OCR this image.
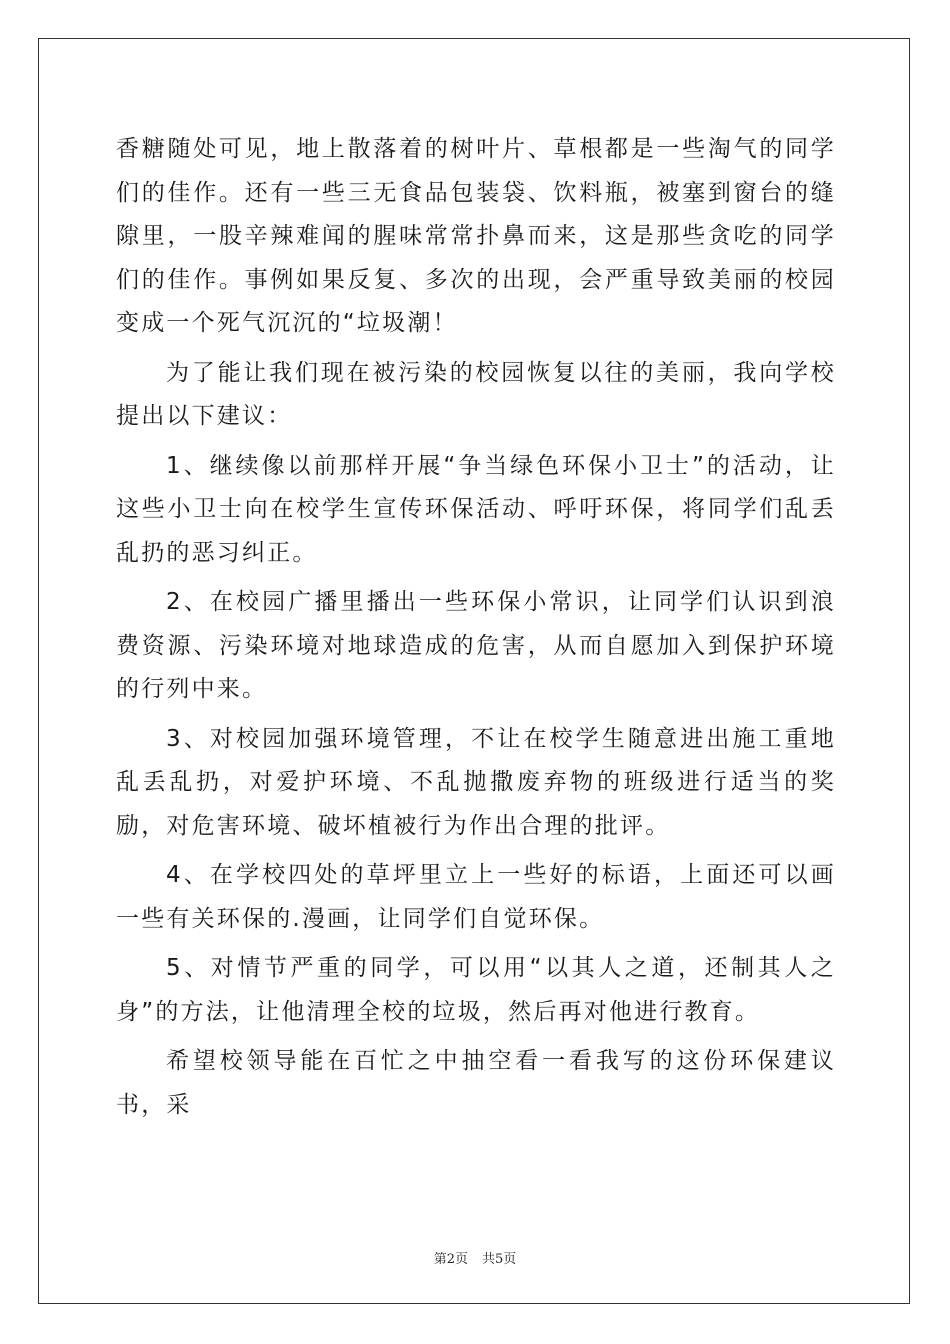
香糖随处可见，地上散落着的树叶片、草根都是一些淘气的同学们的佳作。还有一些三无食品包装袋、饮料瓶，被塞到窗台的缝隙里，一股辛辣难闻的腥味常常扑鼻而来，这是那些贪吃的同学们的佳作。事例如果反复、多次的出现，会严重导致美丽的校园变成一个死气沉沉的“垃圾潮！

为了能让我们现在被污染的校园恢复以往的美丽，我向学校提出以下建议：

1、继续像以前那样开展“争当绿色环保小卫士”的活动，让这些小卫士向在校学生宣传环保活动、呼吁环保，将同学们乱丢乱扔的恶习纠正。

2、在校园广播里播出一些环保小常识，让同学们认识到浪费资源、污染环境对地球造成的危害，从而自愿加入到保护环境的行列中来。

3、对校园加强环境管理，不让在校学生随意进出施工重地乱丢乱扔，对爱护环境、不乱抛撒废弃物的班级进行适当的奖励，对危害环境、破坏植被行为作出合理的批评。

4、在学校四处的草坪里立上一些好的标语，上面还可以画一些有关环保的.漫画，让同学们自觉环保。

5、对情节严重的同学，可以用“以其人之道，还制其人之身”的方法，让他清理全校的垃圾，然后再对他进行教育。

希望校领导能在百忙之中抽空看一看我写的这份环保建议书，采

第2页 共5页
